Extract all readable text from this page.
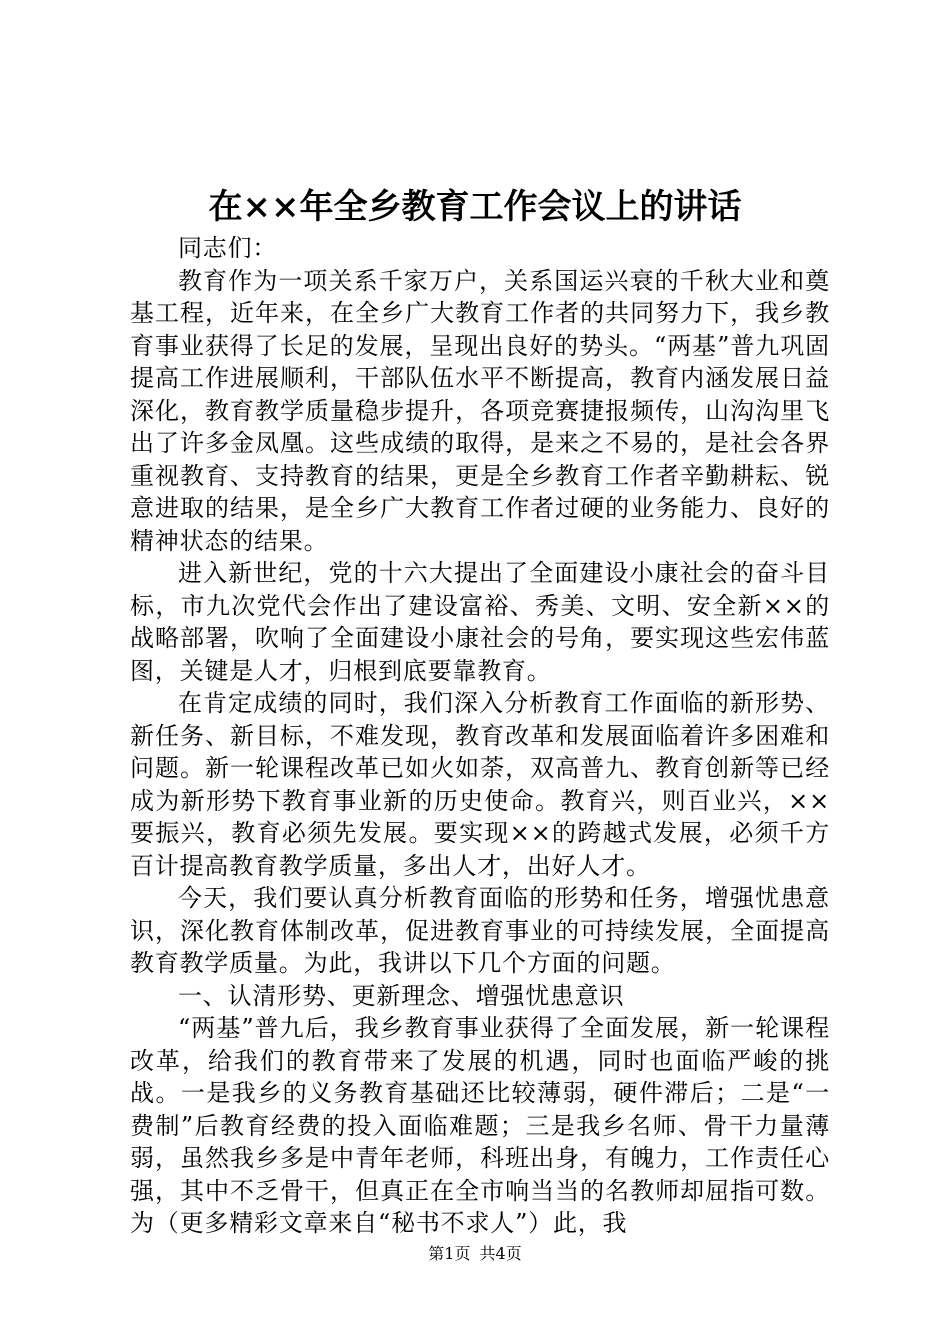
在××年全乡教育工作会议上的讲话

同志们：

教育作为一项关系千家万户，关系国运兴衰的千秋大业和奠基工程，近年来，在全乡广大教育工作者的共同努力下，我乡教育事业获得了长足的发展，呈现出良好的势头。“两基”普九巩固提高工作进展顺利，干部队伍水平不断提高，教育内涵发展日益深化，教育教学质量稳步提升，各项竞赛捷报频传，山沟沟里飞出了许多金凤凰。这些成绩的取得，是来之不易的，是社会各界重视教育、支持教育的结果，更是全乡教育工作者辛勤耕耘、锐意进取的结果，是全乡广大教育工作者过硬的业务能力、良好的精神状态的结果。

进入新世纪，党的十六大提出了全面建设小康社会的奋斗目标，市九次党代会作出了建设富裕、秀美、文明、安全新××的战略部署，吹响了全面建设小康社会的号角，要实现这些宏伟蓝图，关键是人才，归根到底要靠教育。

在肯定成绩的同时，我们深入分析教育工作面临的新形势、新任务、新目标，不难发现，教育改革和发展面临着许多困难和问题。新一轮课程改革已如火如荼，双高普九、教育创新等已经成为新形势下教育事业新的历史使命。教育兴，则百业兴，××要振兴，教育必须先发展。要实现××的跨越式发展，必须千方百计提高教育教学质量，多出人才，出好人才。

今天，我们要认真分析教育面临的形势和任务，增强忧患意识，深化教育体制改革，促进教育事业的可持续发展，全面提高教育教学质量。为此，我讲以下几个方面的问题。

一、认清形势、更新理念、增强忧患意识

“两基”普九后，我乡教育事业获得了全面发展，新一轮课程改革，给我们的教育带来了发展的机遇，同时也面临严峻的挑战。一是我乡的义务教育基础还比较薄弱，硬件滞后；二是“一费制”后教育经费的投入面临难题；三是我乡名师、骨干力量薄弱，虽然我乡多是中青年老师，科班出身，有魄力，工作责任心强，其中不乏骨干，但真正在全市响当当的名教师却屈指可数。为（更多精彩文章来自“秘书不求人”）此，我

第1页 共4页
